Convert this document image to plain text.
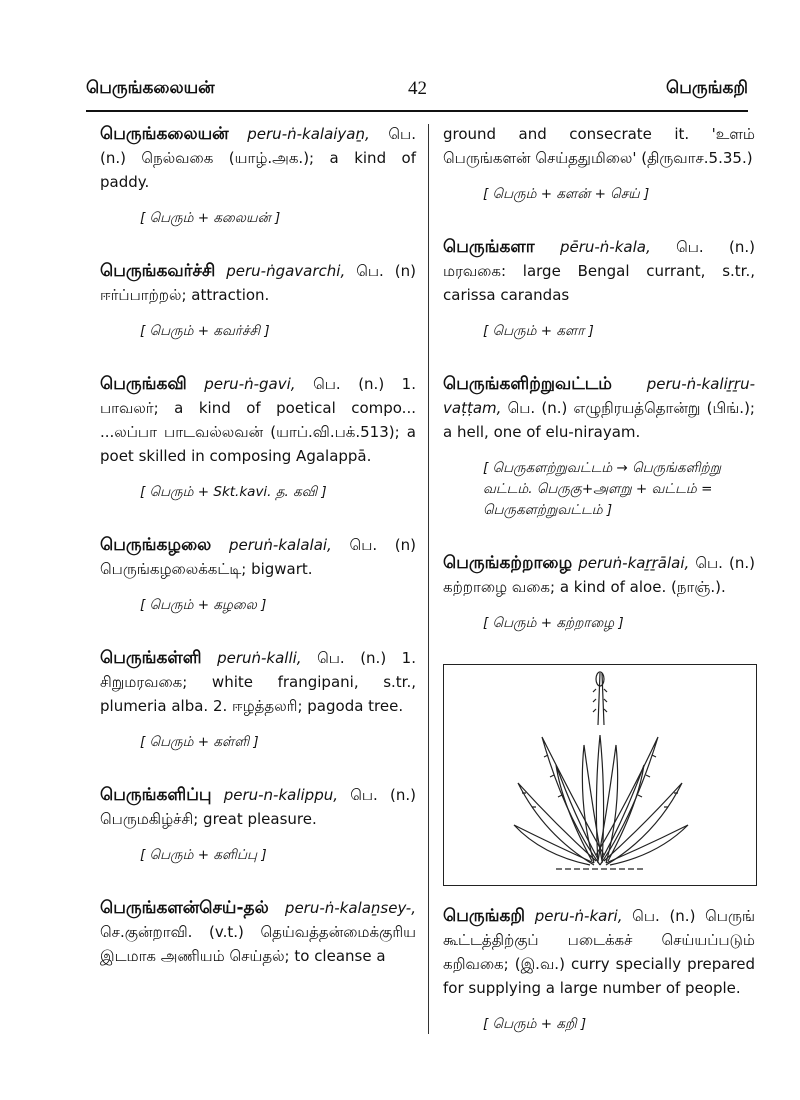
பெருங்கலையன்	42	பெருங்கறி
பெருங்கலையன் peru-ṅ-kalaiyaṉ, பெ. (n.) நெல்வகை (யாழ்.அக.); a kind of paddy.
[ பெரும் + கலையன் ]
பெருங்கவர்ச்சி peru-ṅgavarchi, பெ. (n) ஈர்ப்பாற்றல்; attraction.
[ பெரும் + கவர்ச்சி ]
பெருங்கவி peru-ṅ-gavi, பெ. (n.) 1. பாவலர்; a kind of poetical compo... ...லப்பா பாடவல்லவன் (யாப்.வி.பக்.513); a poet skilled in composing Agalappā.
[ பெரும் + Skt.kavi. த. கவி ]
பெருங்கழலை peruṅ-kalalai, பெ. (n) பெருங்கழலைக்கட்டி; bigwart.
[ பெரும் + கழலை ]
பெருங்கள்ளி peruṅ-kalli, பெ. (n.) 1. சிறுமரவகை; white frangipani, s.tr., plumeria alba. 2. ஈழத்தலரி; pagoda tree.
[ பெரும் + கள்ளி ]
பெருங்களிப்பு peru-n-kalippu, பெ. (n.) பெருமகிழ்ச்சி; great pleasure.
[ பெரும் + களிப்பு ]
பெருங்களன்செய்-தல் peru-ṅ-kalaṉsey-, செ.குன்றாவி. (v.t.) தெய்வத்தன்மைக்குரிய இடமாக அணியம் செய்தல்; to cleanse a
ground and consecrate it. 'உளம் பெருங்களன் செய்ததுமிலை' (திருவாச.5.35.)
[ பெரும் + களன் + செய் ]
பெருங்களா pēru-ṅ-kala, பெ. (n.) மரவகை: large Bengal currant, s.tr., carissa carandas
[ பெரும் + களா ]
பெருங்களிற்றுவட்டம் peru-ṅ-kaliṟṟu-vaṭṭam, பெ. (n.) எழுநிரயத்தொன்று (பிங்.); a hell, one of elu-nirayam.
[ பெருகளற்றுவட்டம் → பெருங்களிற்று வட்டம். பெருகு+அளறு + வட்டம் = பெருகளற்றுவட்டம் ]
பெருங்கற்றாழை peruṅ-kaṟṟālai, பெ. (n.) கற்றாழை வகை; a kind of aloe. (நாஞ்.).
[ பெரும் + கற்றாழை ]
பெருங்கறி peru-ṅ-kari, பெ. (n.) பெருங் கூட்டத்திற்குப் படைக்கச் செய்யப்படும் கறிவகை; (இ.வ.) curry specially prepared for supplying a large number of people.
[ பெரும் + கறி ]
